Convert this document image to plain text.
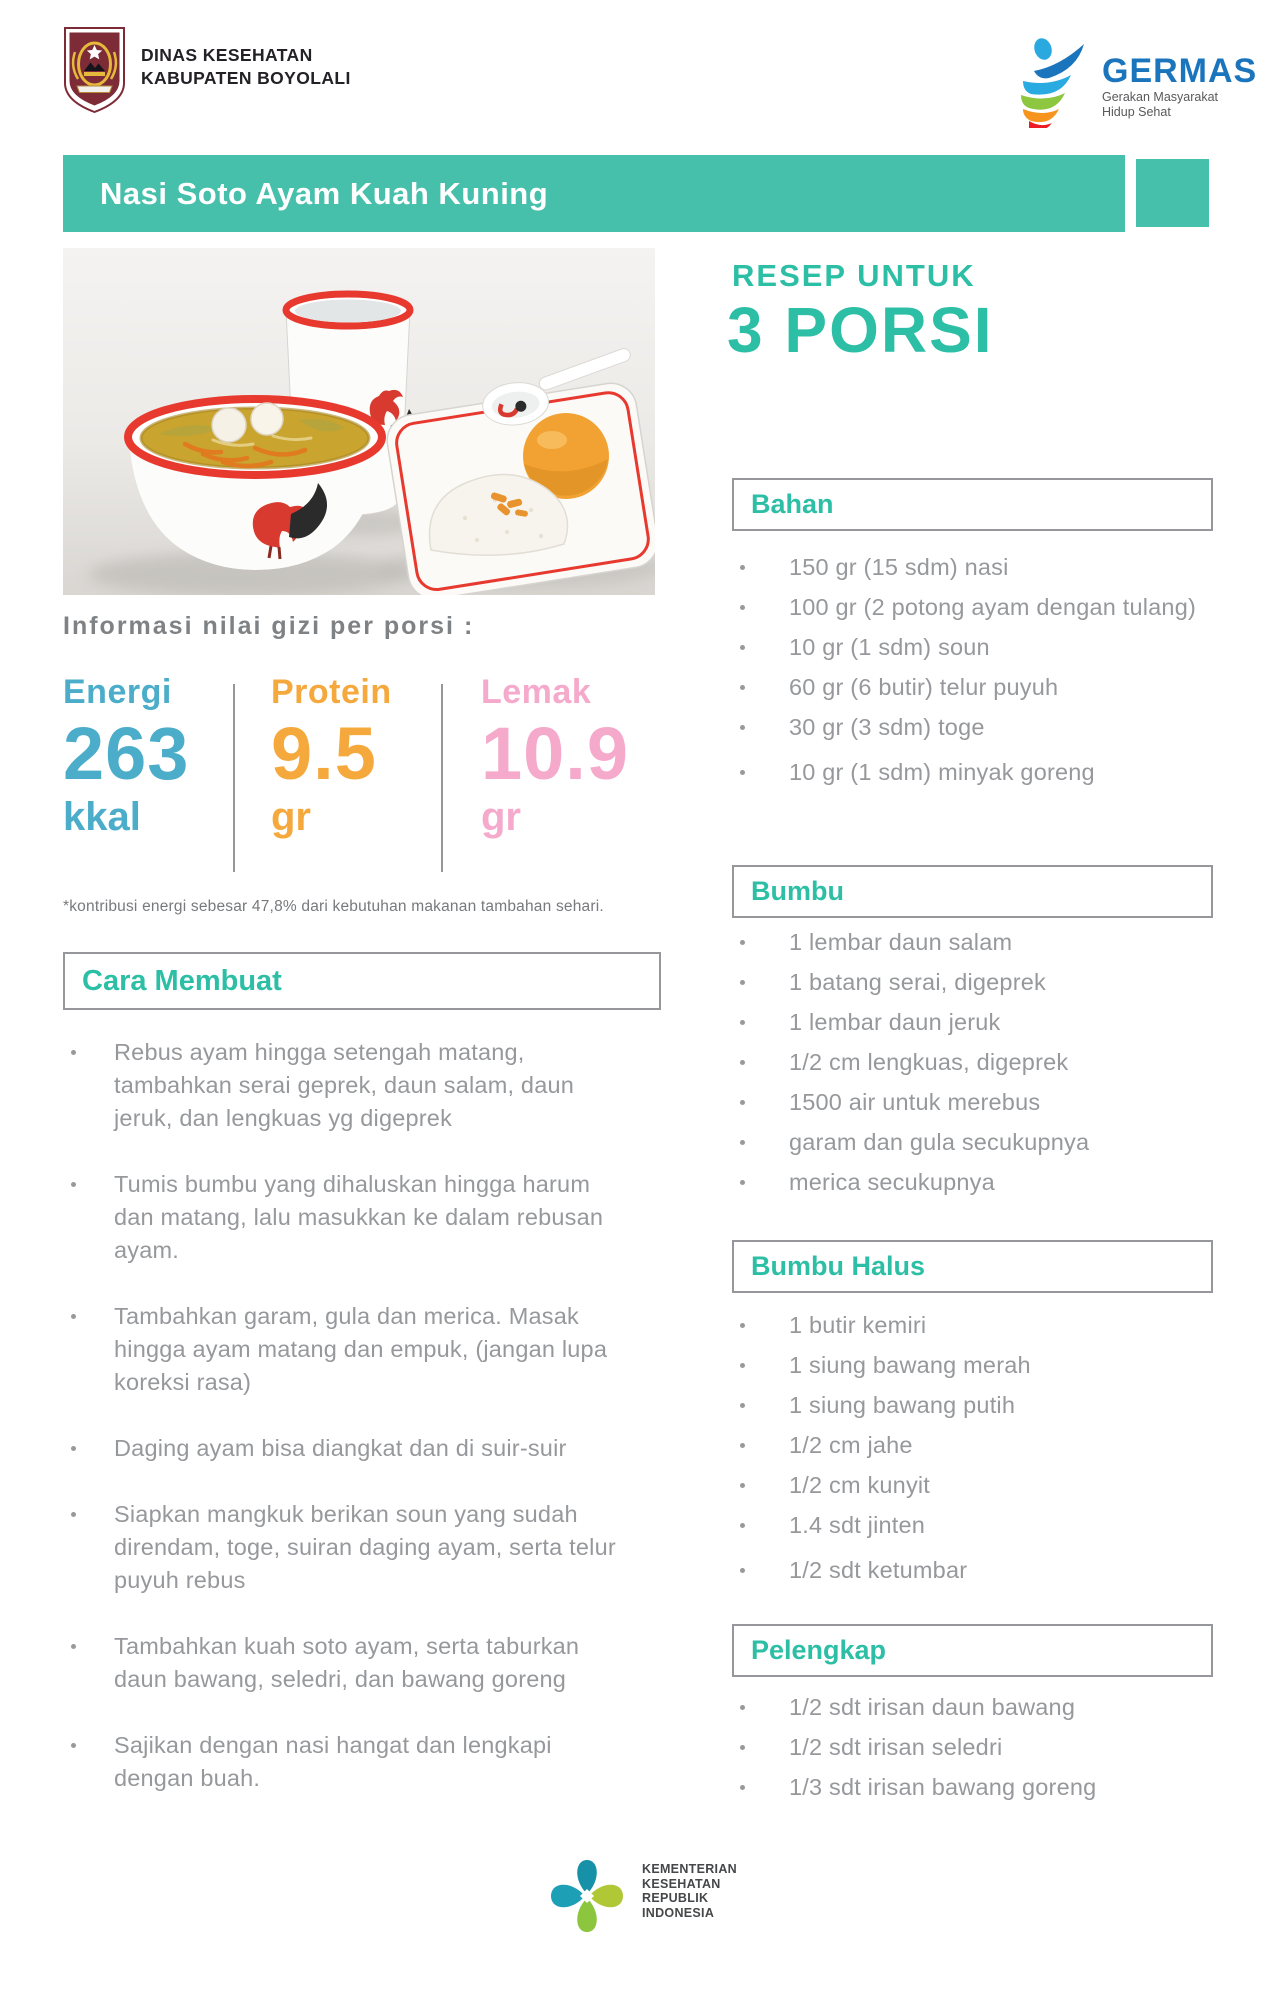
DINAS KESEHATAN
KABUPATEN BOYOLALI	GERMAS
Gerakan Masyarakat
Hidup Sehat
Nasi Soto Ayam Kuah Kuning
Informasi nilai gizi per porsi :
Energi
263
kkal
Protein
9.5
gr
Lemak
10.9
gr
*kontribusi energi sebesar 47,8% dari kebutuhan makanan tambahan sehari.
Cara Membuat
Rebus ayam hingga setengah matang, tambahkan serai geprek, daun salam, daun jeruk, dan lengkuas yg digeprek
Tumis bumbu yang dihaluskan hingga harum dan matang, lalu masukkan ke dalam rebusan ayam.
Tambahkan garam, gula dan merica. Masak hingga ayam matang dan empuk, (jangan lupa koreksi rasa)
Daging ayam bisa diangkat dan di suir-suir
Siapkan mangkuk berikan soun yang sudah direndam, toge, suiran daging ayam, serta telur puyuh rebus
Tambahkan kuah soto ayam, serta taburkan daun bawang, seledri, dan bawang goreng
Sajikan dengan nasi hangat dan lengkapi dengan buah.
RESEP UNTUK
3 PORSI
Bahan
150 gr (15 sdm) nasi
100 gr (2 potong ayam dengan tulang)
10 gr (1 sdm) soun
60 gr (6 butir) telur puyuh
30 gr (3 sdm) toge
10 gr (1 sdm) minyak goreng
Bumbu
1 lembar daun salam
1 batang serai, digeprek
1 lembar daun jeruk
1/2 cm lengkuas, digeprek
1500 air untuk merebus
garam dan gula secukupnya
merica secukupnya
Bumbu Halus
1 butir kemiri
1 siung bawang merah
1 siung bawang putih
1/2 cm jahe
1/2 cm kunyit
1.4 sdt jinten
1/2 sdt ketumbar
Pelengkap
1/2 sdt irisan daun bawang
1/2 sdt irisan seledri
1/3 sdt irisan bawang goreng
KEMENTERIAN
KESEHATAN
REPUBLIK
INDONESIA
